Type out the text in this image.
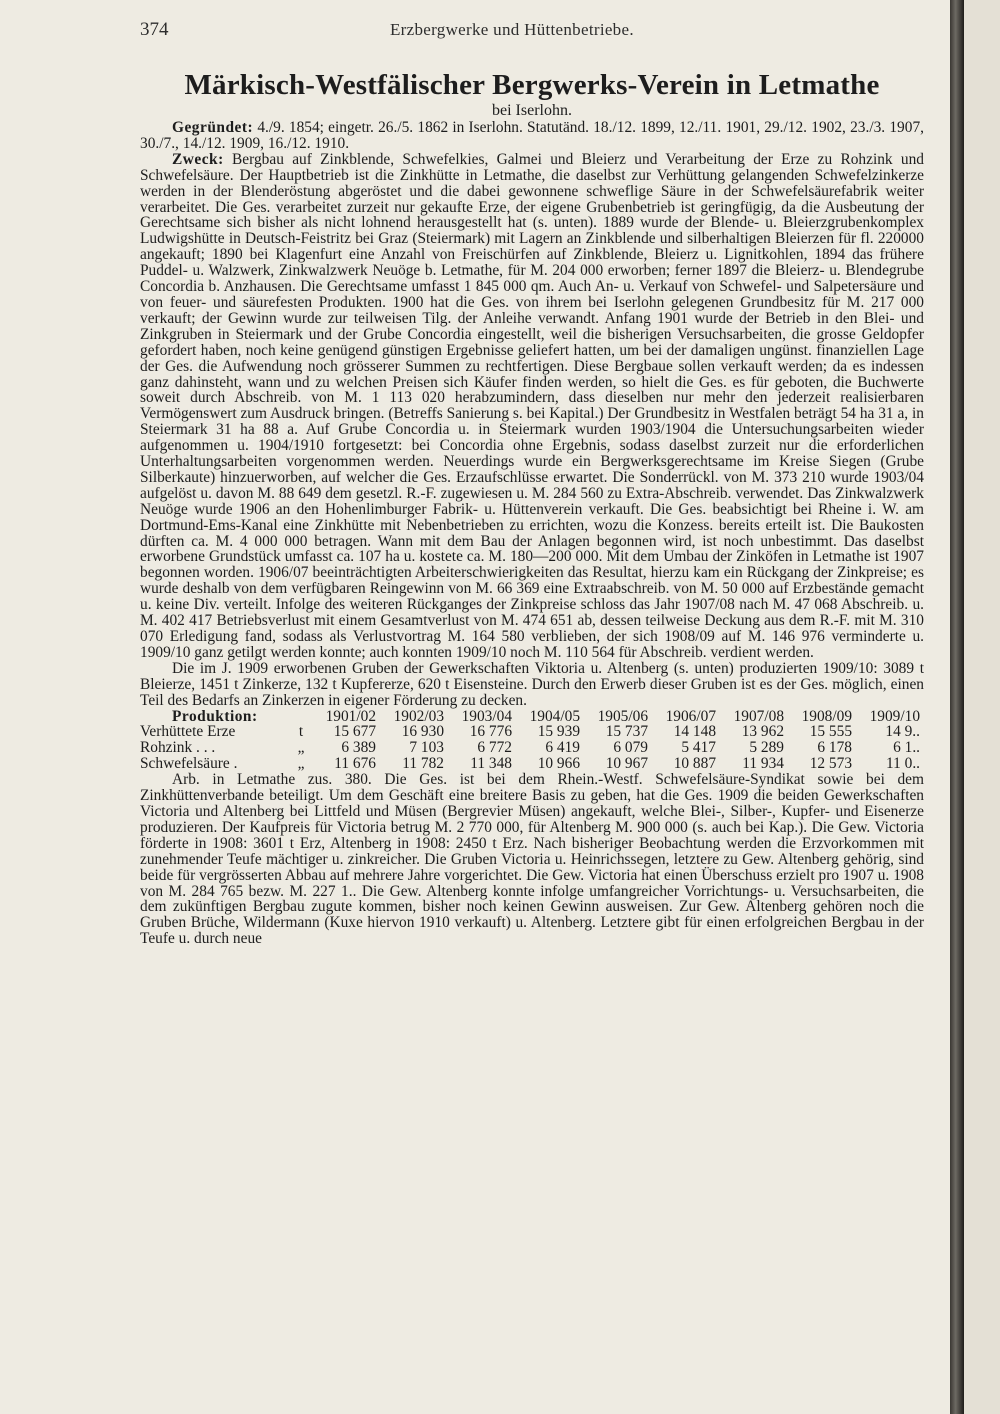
374	Erzbergwerke und Hüttenbetriebe.
Märkisch-Westfälischer Bergwerks-Verein in Letmathe
bei Iserlohn.

Gegründet: 4./9. 1854; eingetr. 26./5. 1862 in Iserlohn. Statutänd. 18./12. 1899, 12./11. 1901, 29./12. 1902, 23./3. 1907, 30./7., 14./12. 1909, 16./12. 1910.

Zweck: Bergbau auf Zinkblende, Schwefelkies, Galmei und Bleierz und Verarbeitung der Erze zu Rohzink und Schwefelsäure. Der Hauptbetrieb ist die Zinkhütte in Letmathe, die daselbst zur Verhüttung gelangenden Schwefelzinkerze werden in der Blenderöstung abgeröstet und die dabei gewonnene schweflige Säure in der Schwefelsäurefabrik weiter verarbeitet. Die Ges. verarbeitet zurzeit nur gekaufte Erze, der eigene Grubenbetrieb ist geringfügig, da die Ausbeutung der Gerechtsame sich bisher als nicht lohnend herausgestellt hat (s. unten). 1889 wurde der Blende- u. Bleierzgrubenkomplex Ludwigshütte in Deutsch-Feistritz bei Graz (Steiermark) mit Lagern an Zinkblende und silberhaltigen Bleierzen für fl. 220000 angekauft; 1890 bei Klagenfurt eine Anzahl von Freischürfen auf Zinkblende, Bleierz u. Lignitkohlen, 1894 das frühere Puddel- u. Walzwerk, Zinkwalzwerk Neuöge b. Letmathe, für M. 204 000 erworben; ferner 1897 die Bleierz- u. Blendegrube Concordia b. Anzhausen. Die Gerechtsame umfasst 1 845 000 qm. Auch An- u. Verkauf von Schwefel- und Salpetersäure und von feuer- und säurefesten Produkten. 1900 hat die Ges. von ihrem bei Iserlohn gelegenen Grundbesitz für M. 217 000 verkauft; der Gewinn wurde zur teilweisen Tilg. der Anleihe verwandt. Anfang 1901 wurde der Betrieb in den Blei- und Zinkgruben in Steiermark und der Grube Concordia eingestellt, weil die bisherigen Versuchsarbeiten, die grosse Geldopfer gefordert haben, noch keine genügend günstigen Ergebnisse geliefert hatten, um bei der damaligen ungünst. finanziellen Lage der Ges. die Aufwendung noch grösserer Summen zu rechtfertigen. Diese Bergbaue sollen verkauft werden; da es indessen ganz dahinsteht, wann und zu welchen Preisen sich Käufer finden werden, so hielt die Ges. es für geboten, die Buchwerte soweit durch Abschreib. von M. 1 113 020 herabzumindern, dass dieselben nur mehr den jederzeit realisierbaren Vermögenswert zum Ausdruck bringen. (Betreffs Sanierung s. bei Kapital.) Der Grundbesitz in Westfalen beträgt 54 ha 31 a, in Steiermark 31 ha 88 a. Auf Grube Concordia u. in Steiermark wurden 1903/1904 die Untersuchungsarbeiten wieder aufgenommen u. 1904/1910 fortgesetzt: bei Concordia ohne Ergebnis, sodass daselbst zurzeit nur die erforderlichen Unterhaltungsarbeiten vorgenommen werden. Neuerdings wurde ein Bergwerksgerechtsame im Kreise Siegen (Grube Silberkaute) hinzuerworben, auf welcher die Ges. Erzaufschlüsse erwartet. Die Sonderrückl. von M. 373 210 wurde 1903/04 aufgelöst u. davon M. 88 649 dem gesetzl. R.-F. zugewiesen u. M. 284 560 zu Extra-Abschreib. verwendet. Das Zinkwalzwerk Neuöge wurde 1906 an den Hohenlimburger Fabrik- u. Hüttenverein verkauft. Die Ges. beabsichtigt bei Rheine i. W. am Dortmund-Ems-Kanal eine Zinkhütte mit Nebenbetrieben zu errichten, wozu die Konzess. bereits erteilt ist. Die Baukosten dürften ca. M. 4 000 000 betragen. Wann mit dem Bau der Anlagen begonnen wird, ist noch unbestimmt. Das daselbst erworbene Grundstück umfasst ca. 107 ha u. kostete ca. M. 180—200 000. Mit dem Umbau der Zinköfen in Letmathe ist 1907 begonnen worden. 1906/07 beeinträchtigten Arbeiterschwierigkeiten das Resultat, hierzu kam ein Rückgang der Zinkpreise; es wurde deshalb von dem verfügbaren Reingewinn von M. 66 369 eine Extraabschreib. von M. 50 000 auf Erzbestände gemacht u. keine Div. verteilt. Infolge des weiteren Rückganges der Zinkpreise schloss das Jahr 1907/08 nach M. 47 068 Abschreib. u. M. 402 417 Betriebsverlust mit einem Gesamtverlust von M. 474 651 ab, dessen teilweise Deckung aus dem R.-F. mit M. 310 070 Erledigung fand, sodass als Verlustvortrag M. 164 580 verblieben, der sich 1908/09 auf M. 146 976 verminderte u. 1909/10 ganz getilgt werden konnte; auch konnten 1909/10 noch M. 110 564 für Abschreib. verdient werden.

Die im J. 1909 erworbenen Gruben der Gewerkschaften Viktoria u. Altenberg (s. unten) produzierten 1909/10: 3089 t Bleierze, 1451 t Zinkerze, 132 t Kupfererze, 620 t Eisensteine. Durch den Erwerb dieser Gruben ist es der Ges. möglich, einen Teil des Bedarfs an Zinkerzen in eigener Förderung zu decken.

Produktion:		1901/02	1902/03	1903/04	1904/05	1905/06	1906/07	1907/08	1908/09	1909/10
Verhüttete Erze	t	15 677	16 930	16 776	15 939	15 737	14 148	13 962	15 555	14 9..
Rohzink . . .	„	6 389	7 103	6 772	6 419	6 079	5 417	5 289	6 178	6 1..
Schwefelsäure .	„	11 676	11 782	11 348	10 966	10 967	10 887	11 934	12 573	11 0..

Arb. in Letmathe zus. 380. Die Ges. ist bei dem Rhein.-Westf. Schwefelsäure-Syndikat sowie bei dem Zinkhüttenverbande beteiligt. Um dem Geschäft eine breitere Basis zu geben, hat die Ges. 1909 die beiden Gewerkschaften Victoria und Altenberg bei Littfeld und Müsen (Bergrevier Müsen) angekauft, welche Blei-, Silber-, Kupfer- und Eisenerze produzieren. Der Kaufpreis für Victoria betrug M. 2 770 000, für Altenberg M. 900 000 (s. auch bei Kap.). Die Gew. Victoria förderte in 1908: 3601 t Erz, Altenberg in 1908: 2450 t Erz. Nach bisheriger Beobachtung werden die Erzvorkommen mit zunehmender Teufe mächtiger u. zinkreicher. Die Gruben Victoria u. Heinrichssegen, letztere zu Gew. Altenberg gehörig, sind beide für vergrösserten Abbau auf mehrere Jahre vorgerichtet. Die Gew. Victoria hat einen Überschuss erzielt pro 1907 u. 1908 von M. 284 765 bezw. M. 227 1.. Die Gew. Altenberg konnte infolge umfangreicher Vorrichtungs- u. Versuchsarbeiten, die dem zukünftigen Bergbau zugute kommen, bisher noch keinen Gewinn ausweisen. Zur Gew. Altenberg gehören noch die Gruben Brüche, Wildermann (Kuxe hiervon 1910 verkauft) u. Altenberg. Letztere gibt für einen erfolgreichen Bergbau in der Teufe u. durch neue
